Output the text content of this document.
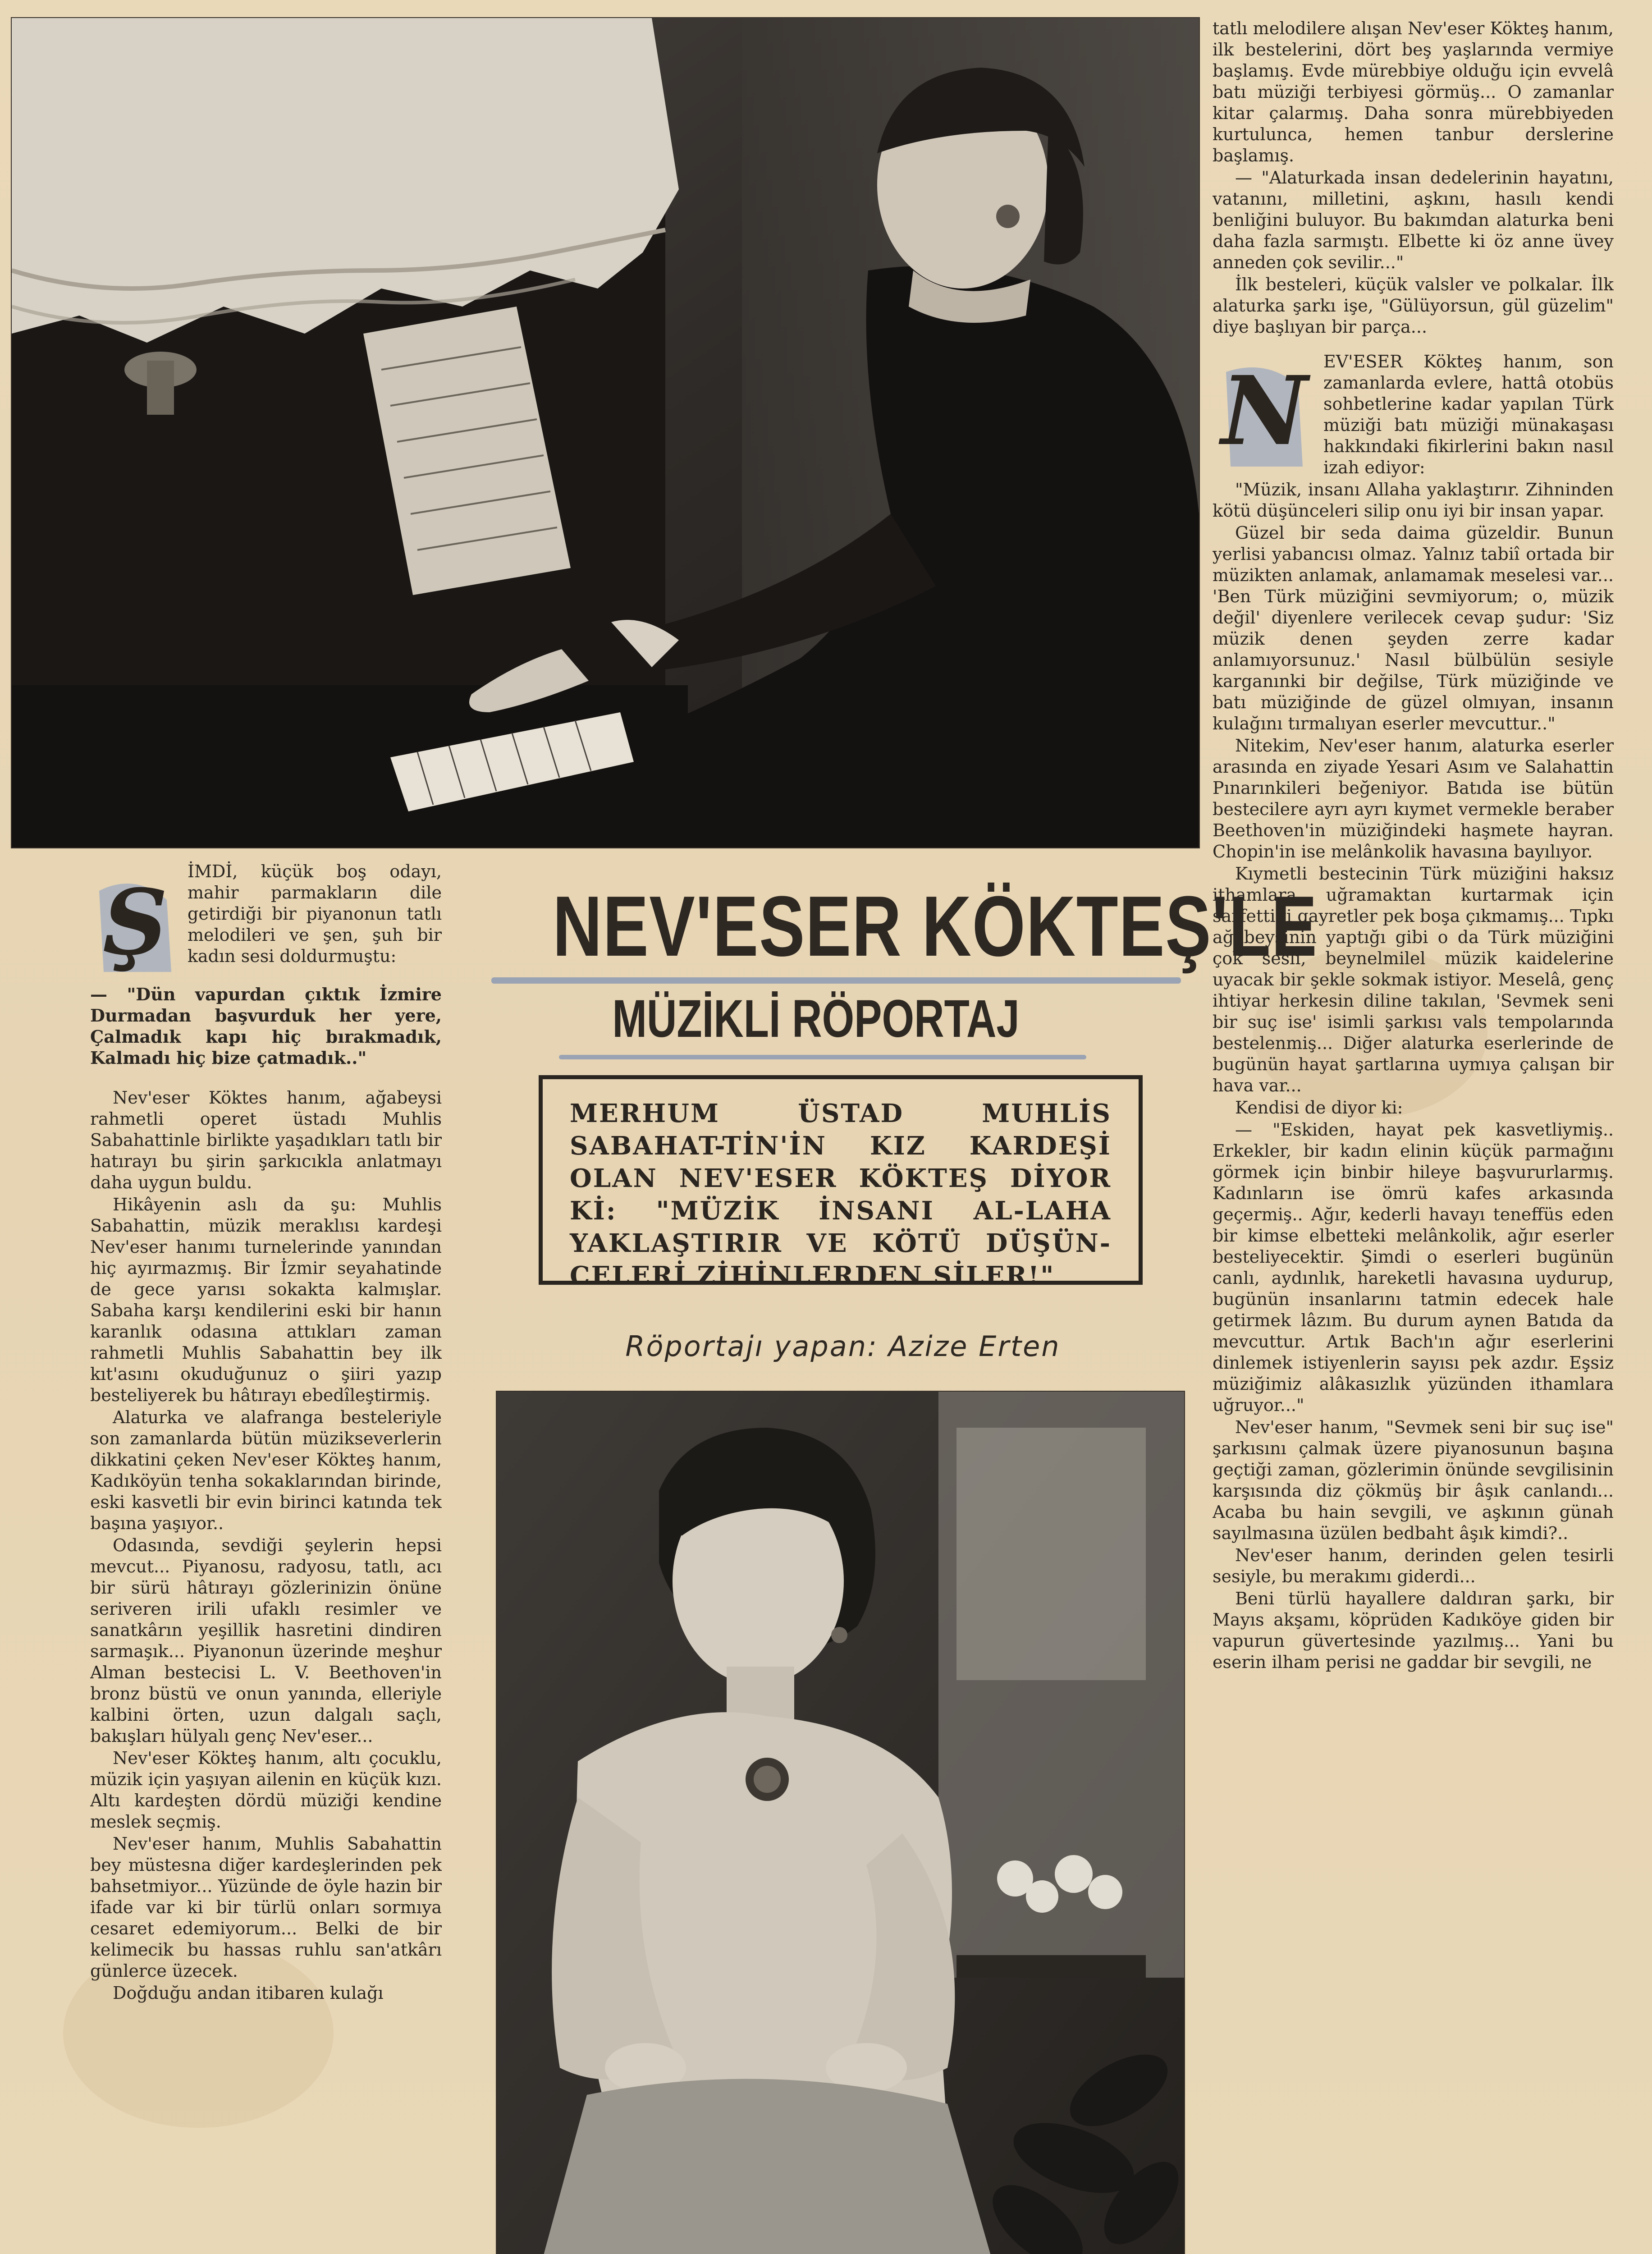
tatlı melodilere alışan Nev'eser Kökteş hanım, ilk bestelerini, dört beş yaşlarında vermiye başlamış. Evde mürebbiye olduğu için evvelâ batı müziği terbiyesi görmüş... O zamanlar kitar çalarmış. Daha sonra mürebbiyeden kurtulunca, hemen tanbur derslerine başlamış.

— "Alaturkada insan dedelerinin hayatını, vatanını, milletini, aşkını, hasılı kendi benliğini buluyor. Bu bakımdan alaturka beni daha fazla sarmıştı. Elbette ki öz anne üvey anneden çok sevilir..."

İlk besteleri, küçük valsler ve polkalar. İlk alaturka şarkı işe, "Gülüyorsun, gül güzelim" diye başlıyan bir parça...

N EV'ESER Kökteş hanım, son zamanlarda evlere, hattâ otobüs sohbetlerine kadar yapılan Türk müziği batı müziği münakaşası hakkındaki fikirlerini bakın nasıl izah ediyor:

"Müzik, insanı Allaha yaklaştırır. Zihninden kötü düşünceleri silip onu iyi bir insan yapar.

Güzel bir seda daima güzeldir. Bunun yerlisi yabancısı olmaz. Yalnız tabiî ortada bir müzikten anlamak, anlamamak meselesi var... 'Ben Türk müziğini sevmiyorum; o, müzik değil' diyenlere verilecek cevap şudur: 'Siz müzik denen şeyden zerre kadar anlamıyorsunuz.' Nasıl bülbülün sesiyle karganınki bir değilse, Türk müziğinde ve batı müziğinde de güzel olmıyan, insanın kulağını tırmalıyan eserler mevcuttur.."

Nitekim, Nev'eser hanım, alaturka eserler arasında en ziyade Yesari Asım ve Salahattin Pınarınkileri beğeniyor. Batıda ise bütün bestecilere ayrı ayrı kıymet vermekle beraber Beethoven'in müziğindeki haşmete hayran. Chopin'in ise melânkolik havasına bayılıyor.

Kıymetli bestecinin Türk müziğini haksız ithamlara uğramaktan kurtarmak için sarfettiği gayretler pek boşa çıkmamış... Tıpkı ağabeysinin yaptığı gibi o da Türk müziğini çok sesli, beynelmilel müzik kaidelerine uyacak bir şekle sokmak istiyor. Meselâ, genç ihtiyar herkesin diline takılan, 'Sevmek seni bir suç ise' isimli şarkısı vals tempolarında bestelenmiş... Diğer alaturka eserlerinde de bugünün hayat şartlarına uymıya çalışan bir hava var...

Kendisi de diyor ki:

— "Eskiden, hayat pek kasvetliymiş.. Erkekler, bir kadın elinin küçük parmağını görmek için binbir hileye başvururlarmış. Kadınların ise ömrü kafes arkasında geçermiş.. Ağır, kederli havayı teneffüs eden bir kimse elbetteki melânkolik, ağır eserler besteliyecektir. Şimdi o eserleri bugünün canlı, aydınlık, hareketli havasına uydurup, bugünün insanlarını tatmin edecek hale getirmek lâzım. Bu durum aynen Batıda da mevcuttur. Artık Bach'ın ağır eserlerini dinlemek istiyenlerin sayısı pek azdır. Eşsiz müziğimiz alâkasızlık yüzünden ithamlara uğruyor..."

Nev'eser hanım, "Sevmek seni bir suç ise" şarkısını çalmak üzere piyanosunun başına geçtiği zaman, gözlerimin önünde sevgilisinin karşısında diz çökmüş bir âşık canlandı... Acaba bu hain sevgili, ve aşkının günah sayılmasına üzülen bedbaht âşık kimdi?..

Nev'eser hanım, derinden gelen tesirli sesiyle, bu merakımı giderdi...

Beni türlü hayallere daldıran şarkı, bir Mayıs akşamı, köprüden Kadıköye giden bir vapurun güvertesinde yazılmış... Yani bu eserin ilham perisi ne gaddar bir sevgili, ne

Ş	İMDİ, küçük boş odayı, mahir parmakların dile getirdiği bir piyanonun tatlı melodileri ve şen, şuh bir kadın sesi doldurmuştu:

— "Dün vapurdan çıktık İzmire Durmadan başvurduk her yere, Çalmadık kapı hiç bırakmadık, Kalmadı hiç bize çatmadık.."

Nev'eser Köktes hanım, ağabeysi rahmetli operet üstadı Muhlis Sabahattinle birlikte yaşadıkları tatlı bir hatırayı bu şirin şarkıcıkla anlatmayı daha uygun buldu.

Hikâyenin aslı da şu: Muhlis Sabahattin, müzik meraklısı kardeşi Nev'eser hanımı turnelerinde yanından hiç ayırmazmış. Bir İzmir seyahatinde de gece yarısı sokakta kalmışlar. Sabaha karşı kendilerini eski bir hanın karanlık odasına attıkları zaman rahmetli Muhlis Sabahattin bey ilk kıt'asını okuduğunuz o şiiri yazıp besteliyerek bu hâtırayı ebedîleştirmiş.

Alaturka ve alafranga besteleriyle son zamanlarda bütün müzikseverlerin dikkatini çeken Nev'eser Kökteş hanım, Kadıköyün tenha sokaklarından birinde, eski kasvetli bir evin birinci katında tek başına yaşıyor..

Odasında, sevdiği şeylerin hepsi mevcut... Piyanosu, radyosu, tatlı, acı bir sürü hâtırayı gözlerinizin önüne seriveren irili ufaklı resimler ve sanatkârın yeşillik hasretini dindiren sarmaşık... Piyanonun üzerinde meşhur Alman bestecisi L. V. Beethoven'in bronz büstü ve onun yanında, elleriyle kalbini örten, uzun dalgalı saçlı, bakışları hülyalı genç Nev'eser...

Nev'eser Kökteş hanım, altı çocuklu, müzik için yaşıyan ailenin en küçük kızı. Altı kardeşten dördü müziği kendine meslek seçmiş.

Nev'eser hanım, Muhlis Sabahattin bey müstesna diğer kardeşlerinden pek bahsetmiyor... Yüzünde de öyle hazin bir ifade var ki bir türlü onları sormıya cesaret edemiyorum... Belki de bir kelimecik bu hassas ruhlu san'atkârı günlerce üzecek.

Doğduğu andan itibaren kulağı

NEV'ESER KÖKTEŞ'LE
MÜZİKLİ RÖPORTAJ
MERHUM ÜSTAD MUHLİS SABAHAT-TİN'İN KIZ KARDEŞİ OLAN NEV'ESER KÖKTEŞ DİYOR Kİ: "MÜZİK İNSANI AL-LAHA YAKLAŞTIRIR VE KÖTÜ DÜŞÜN-CELERİ ZİHİNLERDEN SİLER!"
Röportajı yapan: Azize Erten
